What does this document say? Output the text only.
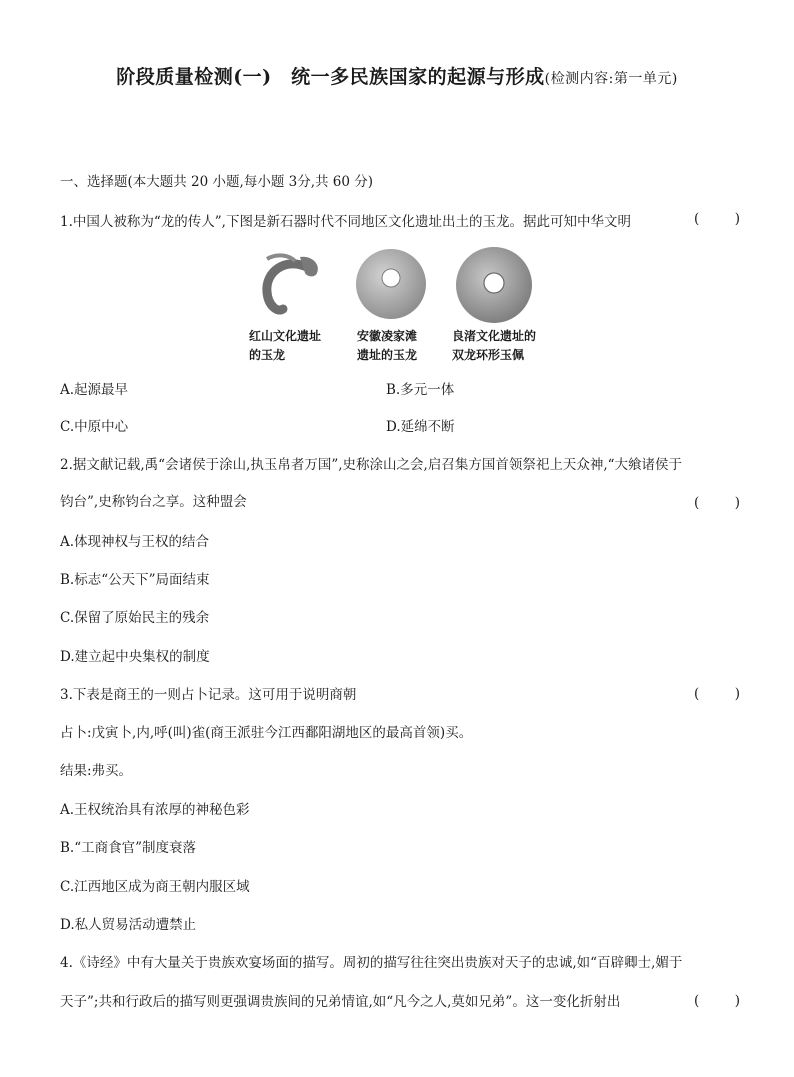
阶段质量检测(一)　统一多民族国家的起源与形成(检测内容:第一单元)
一、选择题(本大题共 20 小题,每小题 3分,共 60 分)
1.中国人被称为“龙的传人”,下图是新石器时代不同地区文化遗址出土的玉龙。据此可知中华文明	(	)
红山文化遗址
的玉龙
安徽凌家滩
遗址的玉龙
良渚文化遗址的
双龙环形玉佩
A.起源最早	B.多元一体
C.中原中心	D.延绵不断
2.据文献记载,禹“会诸侯于涂山,执玉帛者万国”,史称涂山之会,启召集方国首领祭祀上天众神,“大飨诸侯于
钧台”,史称钧台之享。这种盟会	(	)
A.体现神权与王权的结合
B.标志“公天下”局面结束
C.保留了原始民主的残余
D.建立起中央集权的制度
3.下表是商王的一则占卜记录。这可用于说明商朝	(	)
占卜:戊寅卜,内,呼(叫)雀(商王派驻今江西鄱阳湖地区的最高首领)买。
结果:弗买。
A.王权统治具有浓厚的神秘色彩
B.“工商食官”制度衰落
C.江西地区成为商王朝内服区域
D.私人贸易活动遭禁止
4.《诗经》中有大量关于贵族欢宴场面的描写。周初的描写往往突出贵族对天子的忠诚,如“百辟卿士,媚于
天子”;共和行政后的描写则更强调贵族间的兄弟情谊,如“凡今之人,莫如兄弟”。这一变化折射出	(	)
